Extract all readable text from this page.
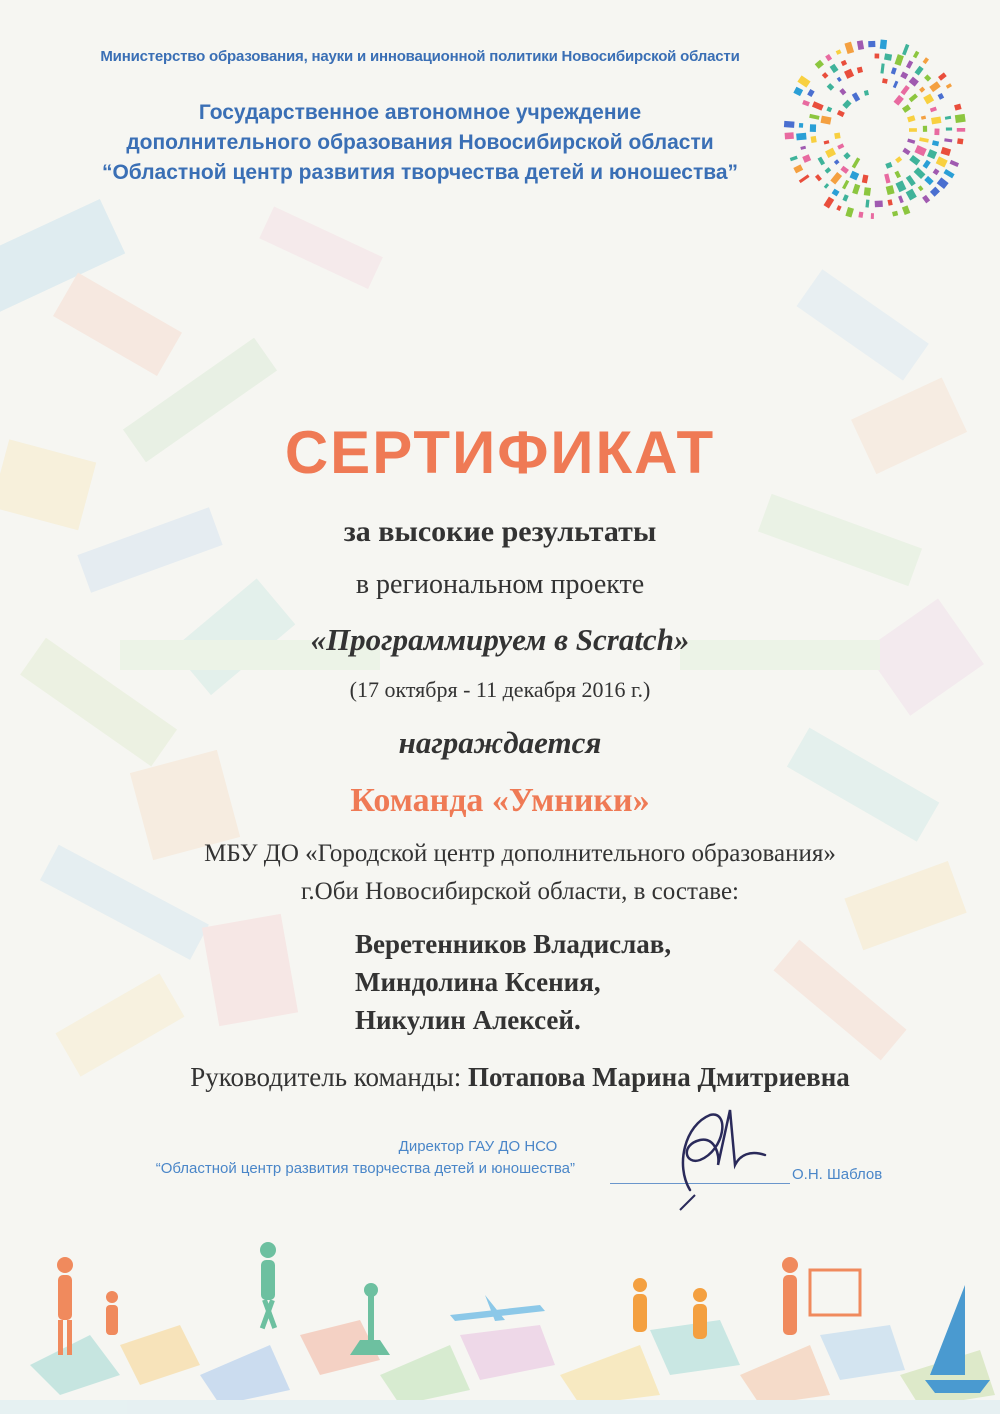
Министерство образования, науки и инновационной политики Новосибирской области
Государственное автономное учреждение
дополнительного образования Новосибирской области
“Областной центр развития творчества детей и юношества”
СЕРТИФИКАТ
за высокие результаты
в региональном проекте
«Программируем в Scratch»
(17 октября - 11 декабря 2016 г.)
награждается
Команда «Умники»
МБУ ДО «Городской центр дополнительного образования»
г.Оби Новосибирской области, в составе:
Веретенников Владислав,
Миндолина Ксения,
Никулин Алексей.
Руководитель команды: Потапова Марина Дмитриевна
Директор ГАУ ДО НСО
“Областной центр развития творчества детей и юношества”	О.Н. Шаблов
